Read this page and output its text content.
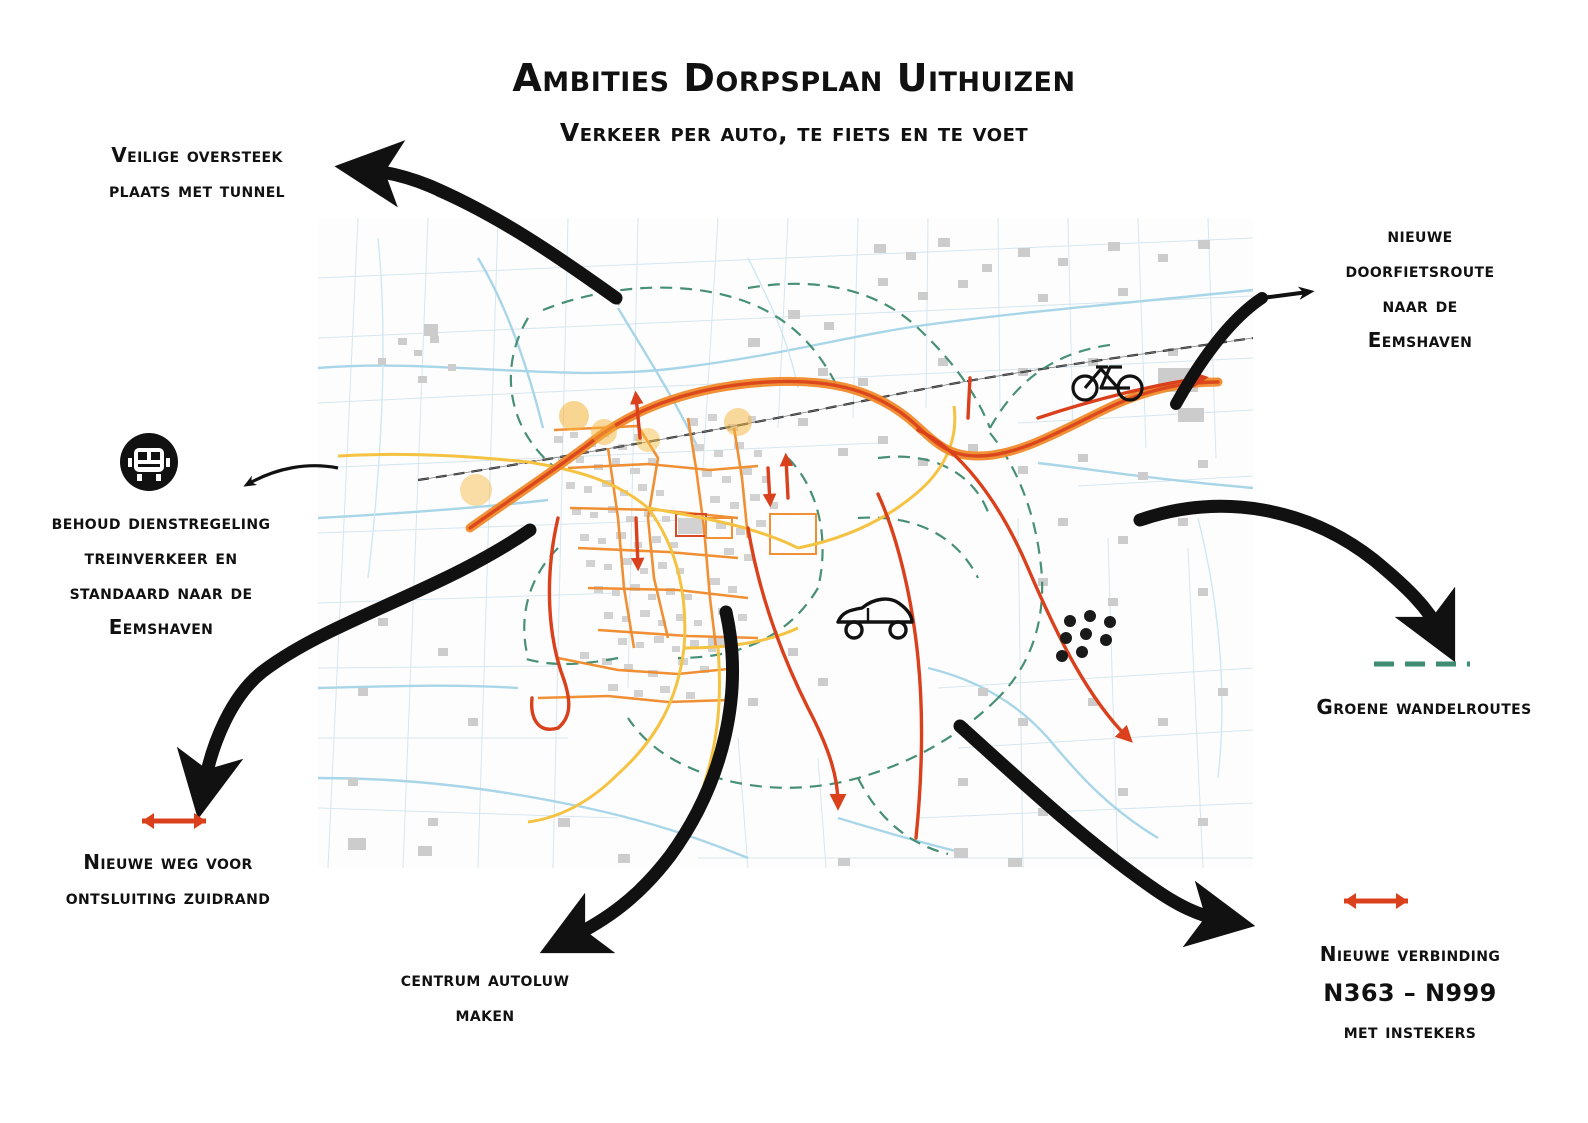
Ambities Dorpsplan Uithuizen
Verkeer per auto, te fiets en te voet
Veilige oversteek
plaats met tunnel
behoud dienstregeling
treinverkeer en
standaard naar de
Eemshaven
Nieuwe weg voor
ontsluiting zuidrand
centrum autoluw
maken
nieuwe
doorfietsroute
naar de
Eemshaven
Groene wandelroutes
Nieuwe verbinding
N363 – N999
met instekers
